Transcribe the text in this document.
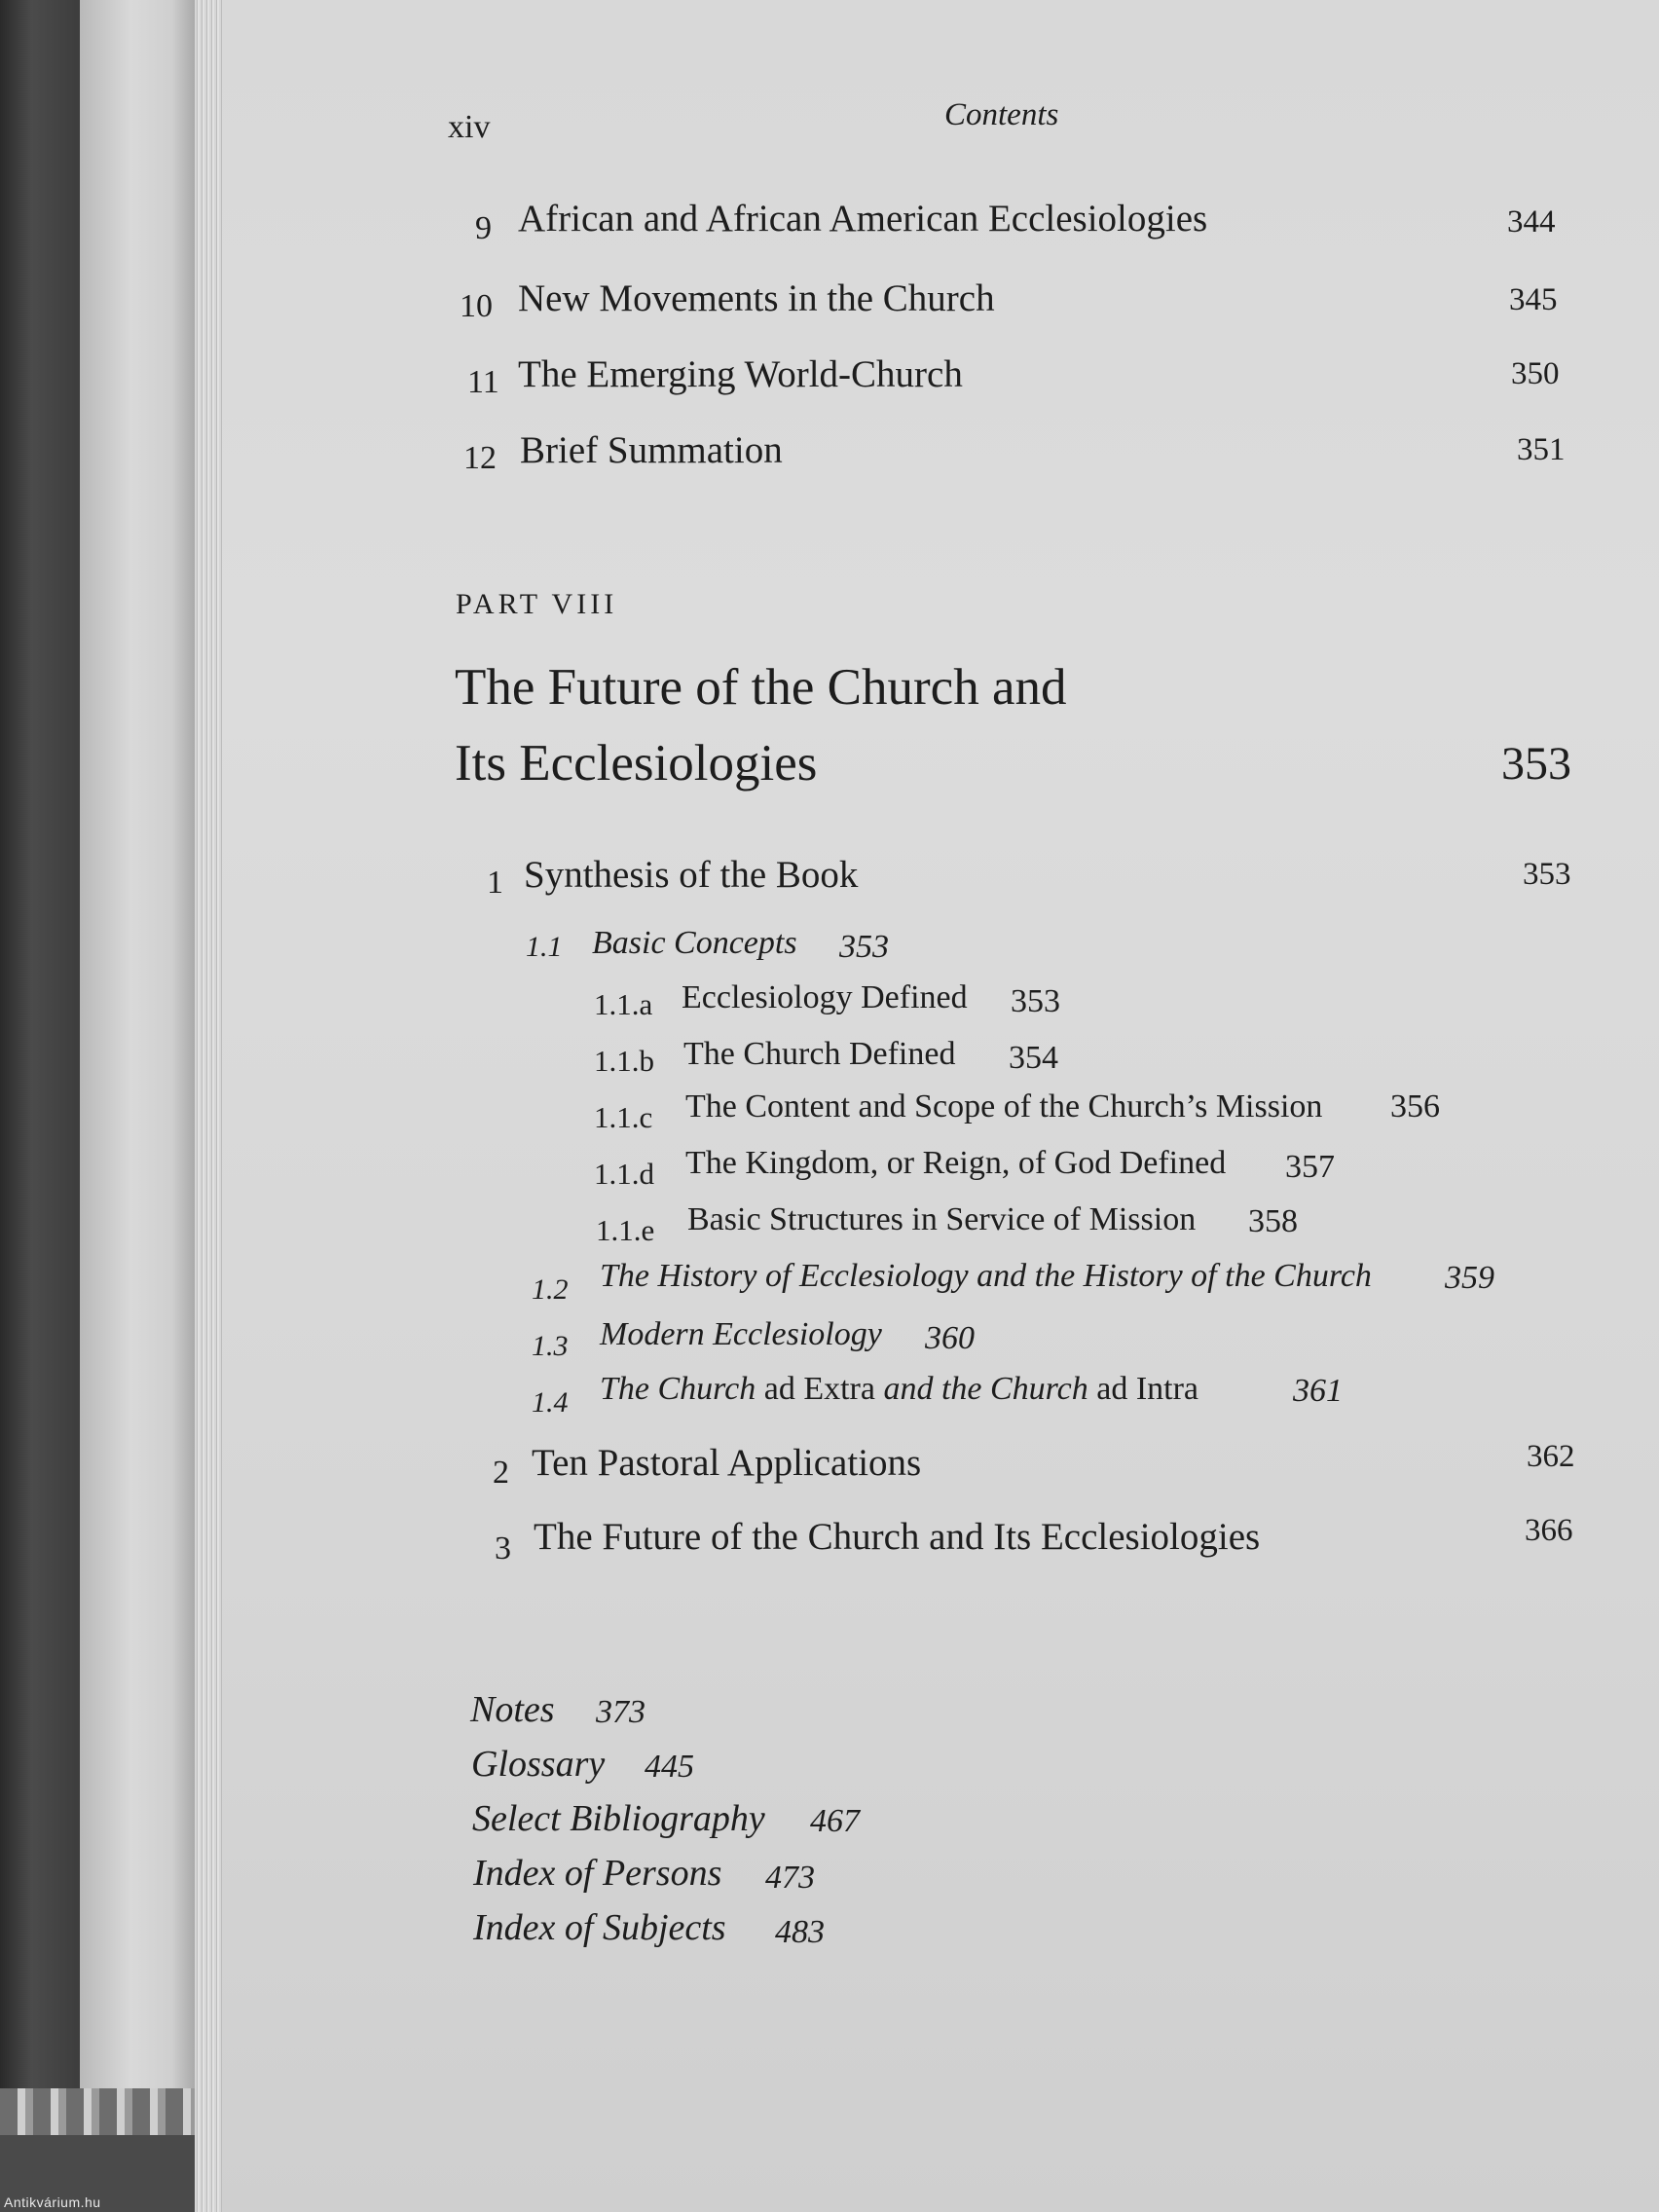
Antikvárium.hu
xiv	Contents
9 African and African American Ecclesiologies	344
10 New Movements in the Church	345
11 The Emerging World-Church	350
12 Brief Summation	351
PART VIII
The Future of the Church and
Its Ecclesiologies	353
1 Synthesis of the Book	353
1.1 Basic Concepts 353
1.1.a Ecclesiology Defined 353
1.1.b The Church Defined 354
1.1.c The Content and Scope of the Church’s Mission 356
1.1.d The Kingdom, or Reign, of God Defined 357
1.1.e Basic Structures in Service of Mission 358
1.2 The History of Ecclesiology and the History of the Church 359
1.3 Modern Ecclesiology 360
1.4 The Church ad Extra and the Church ad Intra	361
2 Ten Pastoral Applications	362
3 The Future of the Church and Its Ecclesiologies	366
Notes 373
Glossary 445
Select Bibliography 467
Index of Persons 473
Index of Subjects 483
